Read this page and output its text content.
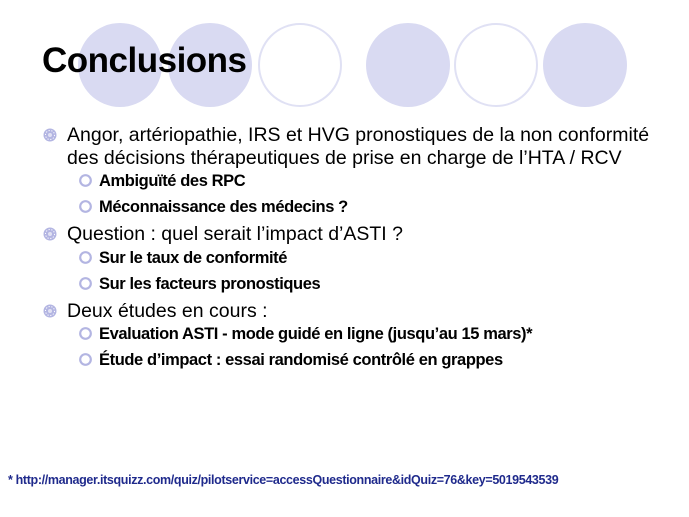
Conclusions
Angor, artériopathie, IRS et HVG pronostiques de la non conformité des décisions thérapeutiques de prise en charge de l’HTA / RCV
Ambiguïté des RPC
Méconnaissance des médecins ?
Question : quel serait l’impact d’ASTI ?
Sur le taux de conformité
Sur les facteurs pronostiques
Deux études en cours :
Evaluation ASTI - mode guidé en ligne (jusqu’au 15 mars)*
Étude d’impact : essai randomisé contrôlé en grappes
* http://manager.itsquizz.com/quiz/pilotservice=accessQuestionnaire&idQuiz=76&key=5019543539
